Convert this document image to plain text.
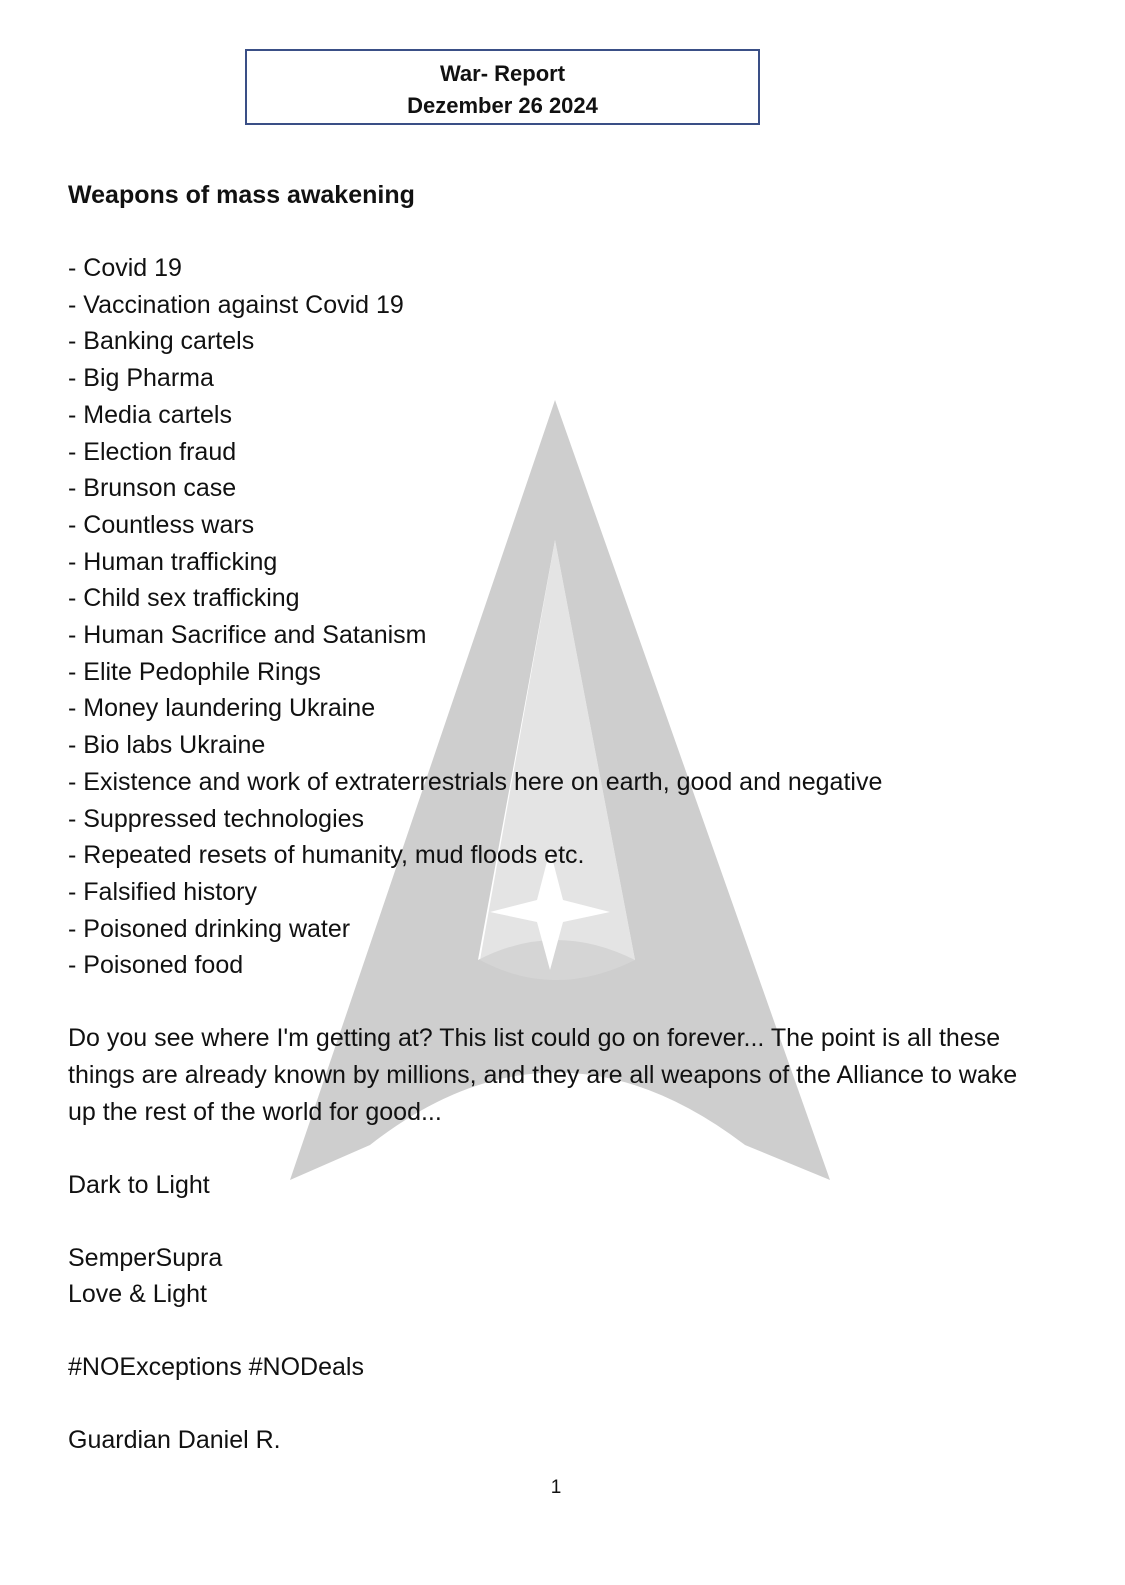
War- Report
Dezember 26 2024

Weapons of mass awakening

- Covid 19
- Vaccination against Covid 19
- Banking cartels
- Big Pharma
- Media cartels
- Election fraud
- Brunson case
- Countless wars
- Human trafficking
- Child sex trafficking
- Human Sacrifice and Satanism
- Elite Pedophile Rings
- Money laundering Ukraine
- Bio labs Ukraine
- Existence and work of extraterrestrials here on earth, good and negative
- Suppressed technologies
- Repeated resets of humanity, mud floods etc.
- Falsified history
- Poisoned drinking water
- Poisoned food

Do you see where I'm getting at? This list could go on forever... The point is all these things are already known by millions, and they are all weapons of the Alliance to wake up the rest of the world for good...

Dark to Light

SemperSupra

Love & Light

#NOExceptions #NODeals

Guardian Daniel R.

1
